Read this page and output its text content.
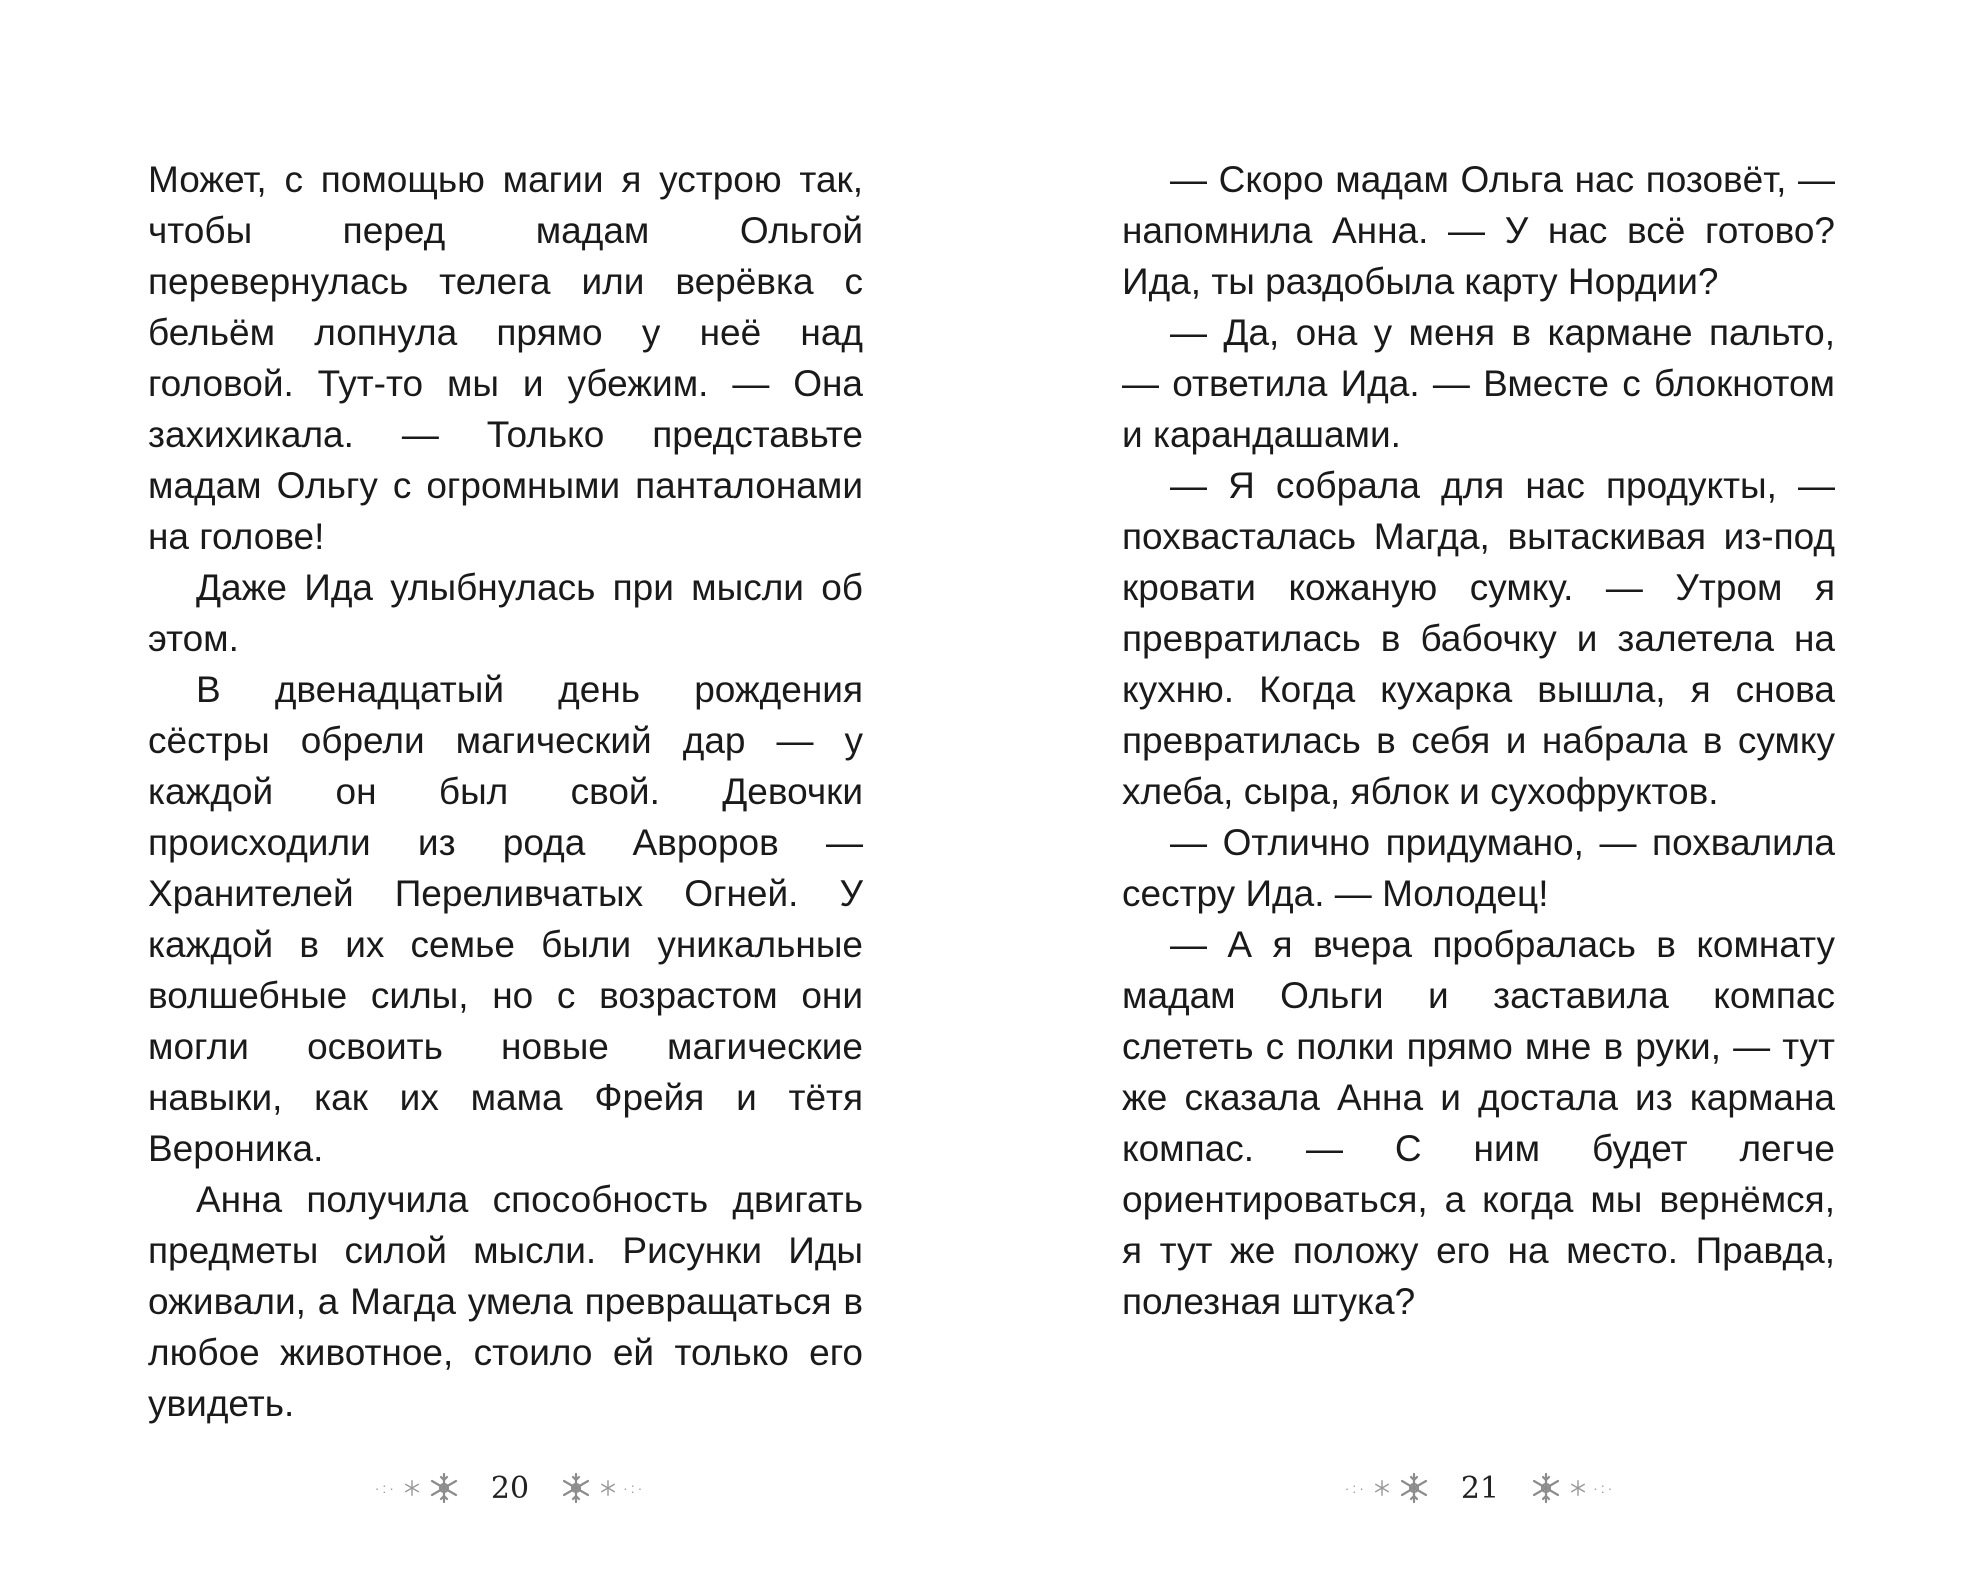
Может, с помощью магии я устрою так, чтобы перед мадам Ольгой перевернулась телега или верёвка с бельём лопнула прямо у неё над головой. Тут-то мы и убежим. — Она захихикала. — Только представьте мадам Ольгу с огромными панталонами на голове!

Даже Ида улыбнулась при мысли об этом.

В двенадцатый день рождения сёстры обрели магический дар — у каждой он был свой. Девочки происходили из рода Авроров — Хранителей Переливчатых Огней. У каждой в их семье были уникальные волшебные силы, но с возрастом они могли освоить новые магические навыки, как их мама Фрейя и тётя Вероника.

Анна получила способность двигать предметы силой мысли. Рисунки Иды оживали, а Магда умела превращаться в любое животное, стоило ей только его увидеть.

— Скоро мадам Ольга нас позовёт, — напомнила Анна. — У нас всё готово? Ида, ты раздобыла карту Нордии?

— Да, она у меня в кармане пальто, — ответила Ида. — Вместе с блокнотом и карандашами.

— Я собрала для нас продукты, — похвасталась Магда, вытаскивая из-под кровати кожаную сумку. — Утром я превратилась в бабочку и залетела на кухню. Когда кухарка вышла, я снова превратилась в себя и набрала в сумку хлеба, сыра, яблок и сухофруктов.

— Отлично придумано, — похвалила сестру Ида. — Молодец!

— А я вчера пробралась в комнату мадам Ольги и заставила компас слететь с полки прямо мне в руки, — тут же сказала Анна и достала из кармана компас. — С ним будет легче ориентироваться, а когда мы вернёмся, я тут же положу его на место. Правда, полезная штука?

·:·	20	·:·	·:·	21	·:·
